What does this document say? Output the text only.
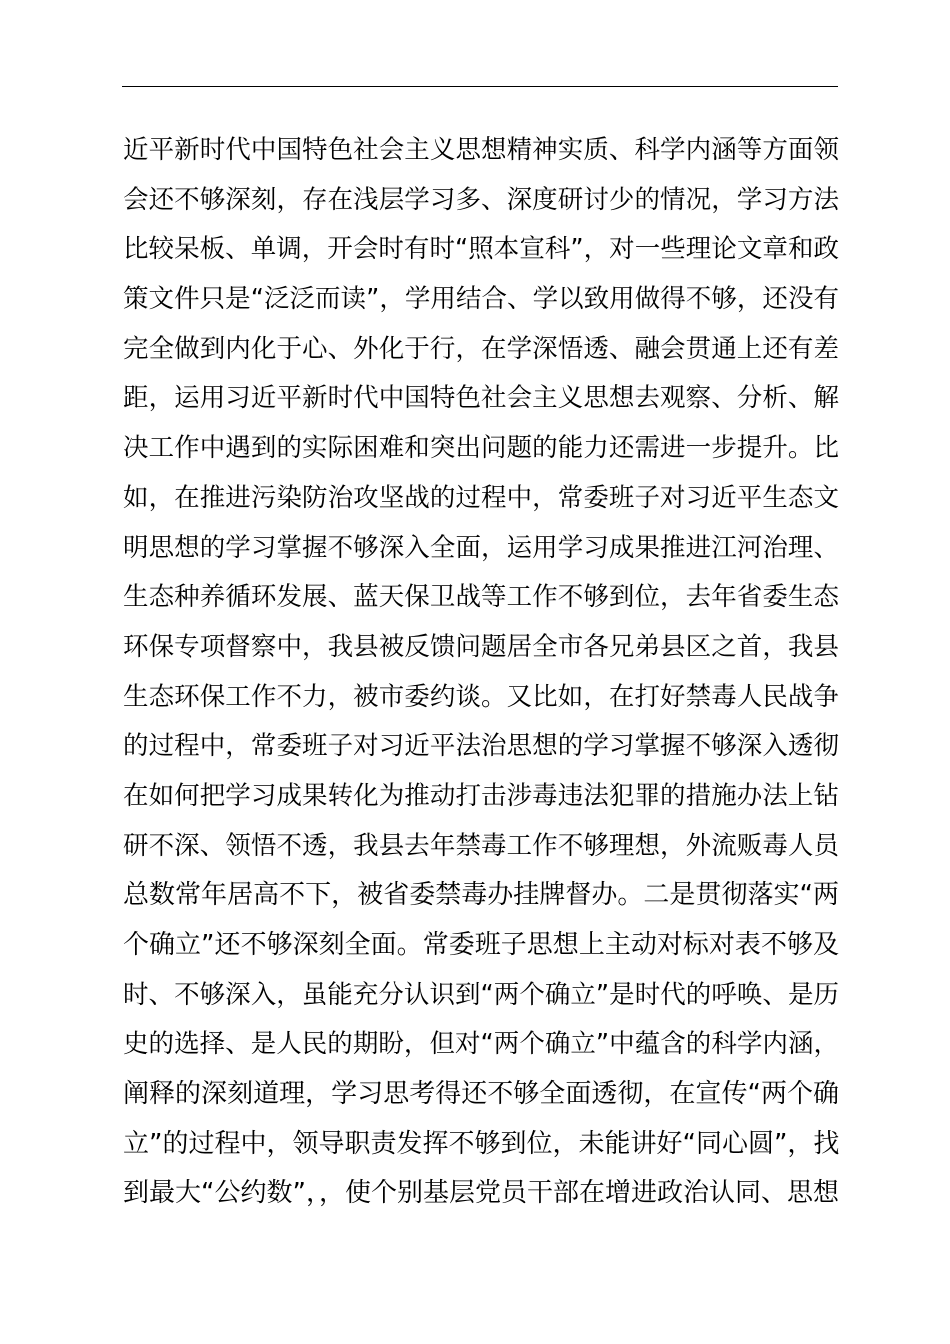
近平新时代中国特色社会主义思想精神实质、科学内涵等方面领
会还不够深刻，存在浅层学习多、深度研讨少的情况，学习方法
比较呆板、单调，开会时有时“照本宣科”，对一些理论文章和政
策文件只是“泛泛而读”，学用结合、学以致用做得不够，还没有
完全做到内化于心、外化于行，在学深悟透、融会贯通上还有差
距，运用习近平新时代中国特色社会主义思想去观察、分析、解
决工作中遇到的实际困难和突出问题的能力还需进一步提升。比
如，在推进污染防治攻坚战的过程中，常委班子对习近平生态文
明思想的学习掌握不够深入全面，运用学习成果推进江河治理、
生态种养循环发展、蓝天保卫战等工作不够到位，去年省委生态
环保专项督察中，我县被反馈问题居全市各兄弟县区之首，我县
生态环保工作不力，被市委约谈。又比如，在打好禁毒人民战争
的过程中，常委班子对习近平法治思想的学习掌握不够深入透彻
在如何把学习成果转化为推动打击涉毒违法犯罪的措施办法上钻
研不深、领悟不透，我县去年禁毒工作不够理想，外流贩毒人员
总数常年居高不下，被省委禁毒办挂牌督办。二是贯彻落实“两
个确立”还不够深刻全面。常委班子思想上主动对标对表不够及
时、不够深入，虽能充分认识到“两个确立”是时代的呼唤、是历
史的选择、是人民的期盼，但对“两个确立”中蕴含的科学内涵，
阐释的深刻道理，学习思考得还不够全面透彻，在宣传“两个确
立”的过程中，领导职责发挥不够到位，未能讲好“同心圆”，找
到最大“公约数”，，使个别基层党员干部在增进政治认同、思想
